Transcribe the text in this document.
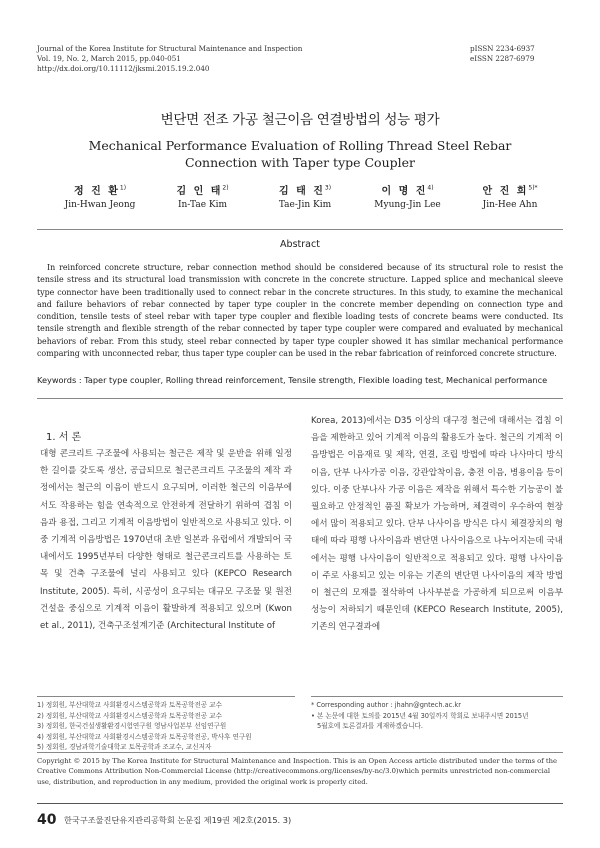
Journal of the Korea Institute for Structural Maintenance and Inspection
Vol. 19, No. 2, March 2015, pp.040-051
http://dx.doi.org/10.11112/jksmi.2015.19.2.040
pISSN 2234-6937
eISSN 2287-6979
변단면 전조 가공 철근이음 연결방법의 성능 평가
Mechanical Performance Evaluation of Rolling Thread Steel Rebar Connection with Taper type Coupler
정 진 환$^{1)}$
Jin-Hwan Jeong
김 인 태$^{2)}$
In-Tae Kim
김 태 진$^{3)}$
Tae-Jin Kim
이 명 진$^{4)}$
Myung-Jin Lee
안 진 희$^{5)*}$
Jin-Hee Ahn
Abstract
In reinforced concrete structure, rebar connection method should be considered because of its structural role to resist the tensile stress and its structural load transmission with concrete in the concrete structure. Lapped splice and mechanical sleeve type connector have been traditionally used to connect rebar in the concrete structures. In this study, to examine the mechanical and failure behaviors of rebar connected by taper type coupler in the concrete member depending on connection type and condition, tensile tests of steel rebar with taper type coupler and flexible loading tests of concrete beams were conducted. Its tensile strength and flexible strength of the rebar connected by taper type coupler were compared and evaluated by mechanical behaviors of rebar. From this study, steel rebar connected by taper type coupler showed it has similar mechanical performance comparing with unconnected rebar, thus taper type coupler can be used in the rebar fabrication of reinforced concrete structure.
Keywords : Taper type coupler, Rolling thread reinforcement, Tensile strength, Flexible loading test, Mechanical performance
1. 서 론
대형 콘크리트 구조물에 사용되는 철근은 제작 및 운반을 위해 일정한 길이를 갖도록 생산, 공급되므로 철근콘크리트 구조물의 제작 과정에서는 철근의 이음이 반드시 요구되며, 이러한 철근의 이음부에서도 작용하는 힘을 연속적으로 안전하게 전달하기 위하여 겹침 이음과 용접, 그리고 기계적 이음방법이 일반적으로 사용되고 있다. 이 중 기계적 이음방법은 1970년대 초반 일본과 유럽에서 개발되어 국내에서도 1995년부터 다양한 형태로 철근콘크리트를 사용하는 토목 및 건축 구조물에 널리 사용되고 있다 (KEPCO Research Institute, 2005). 특히, 시공성이 요구되는 대규모 구조물 및 원전건설을 중심으로 기계적 이음이 활발하게 적용되고 있으며 (Kwon et al., 2011), 건축구조설계기준 (Architectural Institute of
Korea, 2013)에서는 D35 이상의 대구경 철근에 대해서는 겹침 이음을 제한하고 있어 기계적 이음의 활용도가 높다. 철근의 기계적 이음방법은 이음재료 및 제작, 연결, 조립 방법에 따라 나사마디 방식 이음, 단부 나사가공 이음, 강관압착이음, 충전 이음, 병용이음 등이 있다. 이중 단부나사 가공 이음은 제작을 위해서 특수한 기능공이 불필요하고 안정적인 품질 확보가 가능하며, 체결력이 우수하여 현장에서 많이 적용되고 있다. 단부 나사이음 방식은 다시 체결장치의 형태에 따라 평행 나사이음과 변단면 나사이음으로 나누어지는데 국내에서는 평행 나사이음이 일반적으로 적용되고 있다. 평행 나사이음이 주로 사용되고 있는 이유는 기존의 변단면 나사이음의 제작 방법이 철근의 모재를 절삭하여 나사부분을 가공하게 되므로써 이음부 성능이 저하되기 때문인데 (KEPCO Research Institute, 2005), 기존의 연구결과에
1) 정회원, 부산대학교 사회환경시스템공학과 토목공학전공 교수
2) 정회원, 부산대학교 사회환경시스템공학과 토목공학전공 교수
3) 정회원, 한국건설생활환경시험연구원 영남사업본부 선임연구원
4) 정회원, 부산대학교 사회환경시스템공학과 토목공학전공, 박사후 연구원
5) 정회원, 경남과학기술대학교 토목공학과 조교수, 교신저자
* Corresponding author : jhahn@gntech.ac.kr
• 본 논문에 대한 토의를 2015년 4월 30일까지 학회로 보내주시면 2015년
5월호에 토론결과를 게재하겠습니다.
Copyright © 2015 by The Korea Institute for Structural Maintenance and Inspection. This is an Open Access article distributed under the terms of the Creative Commons Attribution Non-Commercial License (http://creativecommons.org/licenses/by-nc/3.0)which permits unrestricted non-commercial use, distribution, and reproduction in any medium, provided the original work is properly cited.
40 한국구조물진단유지관리공학회 논문집 제19권 제2호(2015. 3)
